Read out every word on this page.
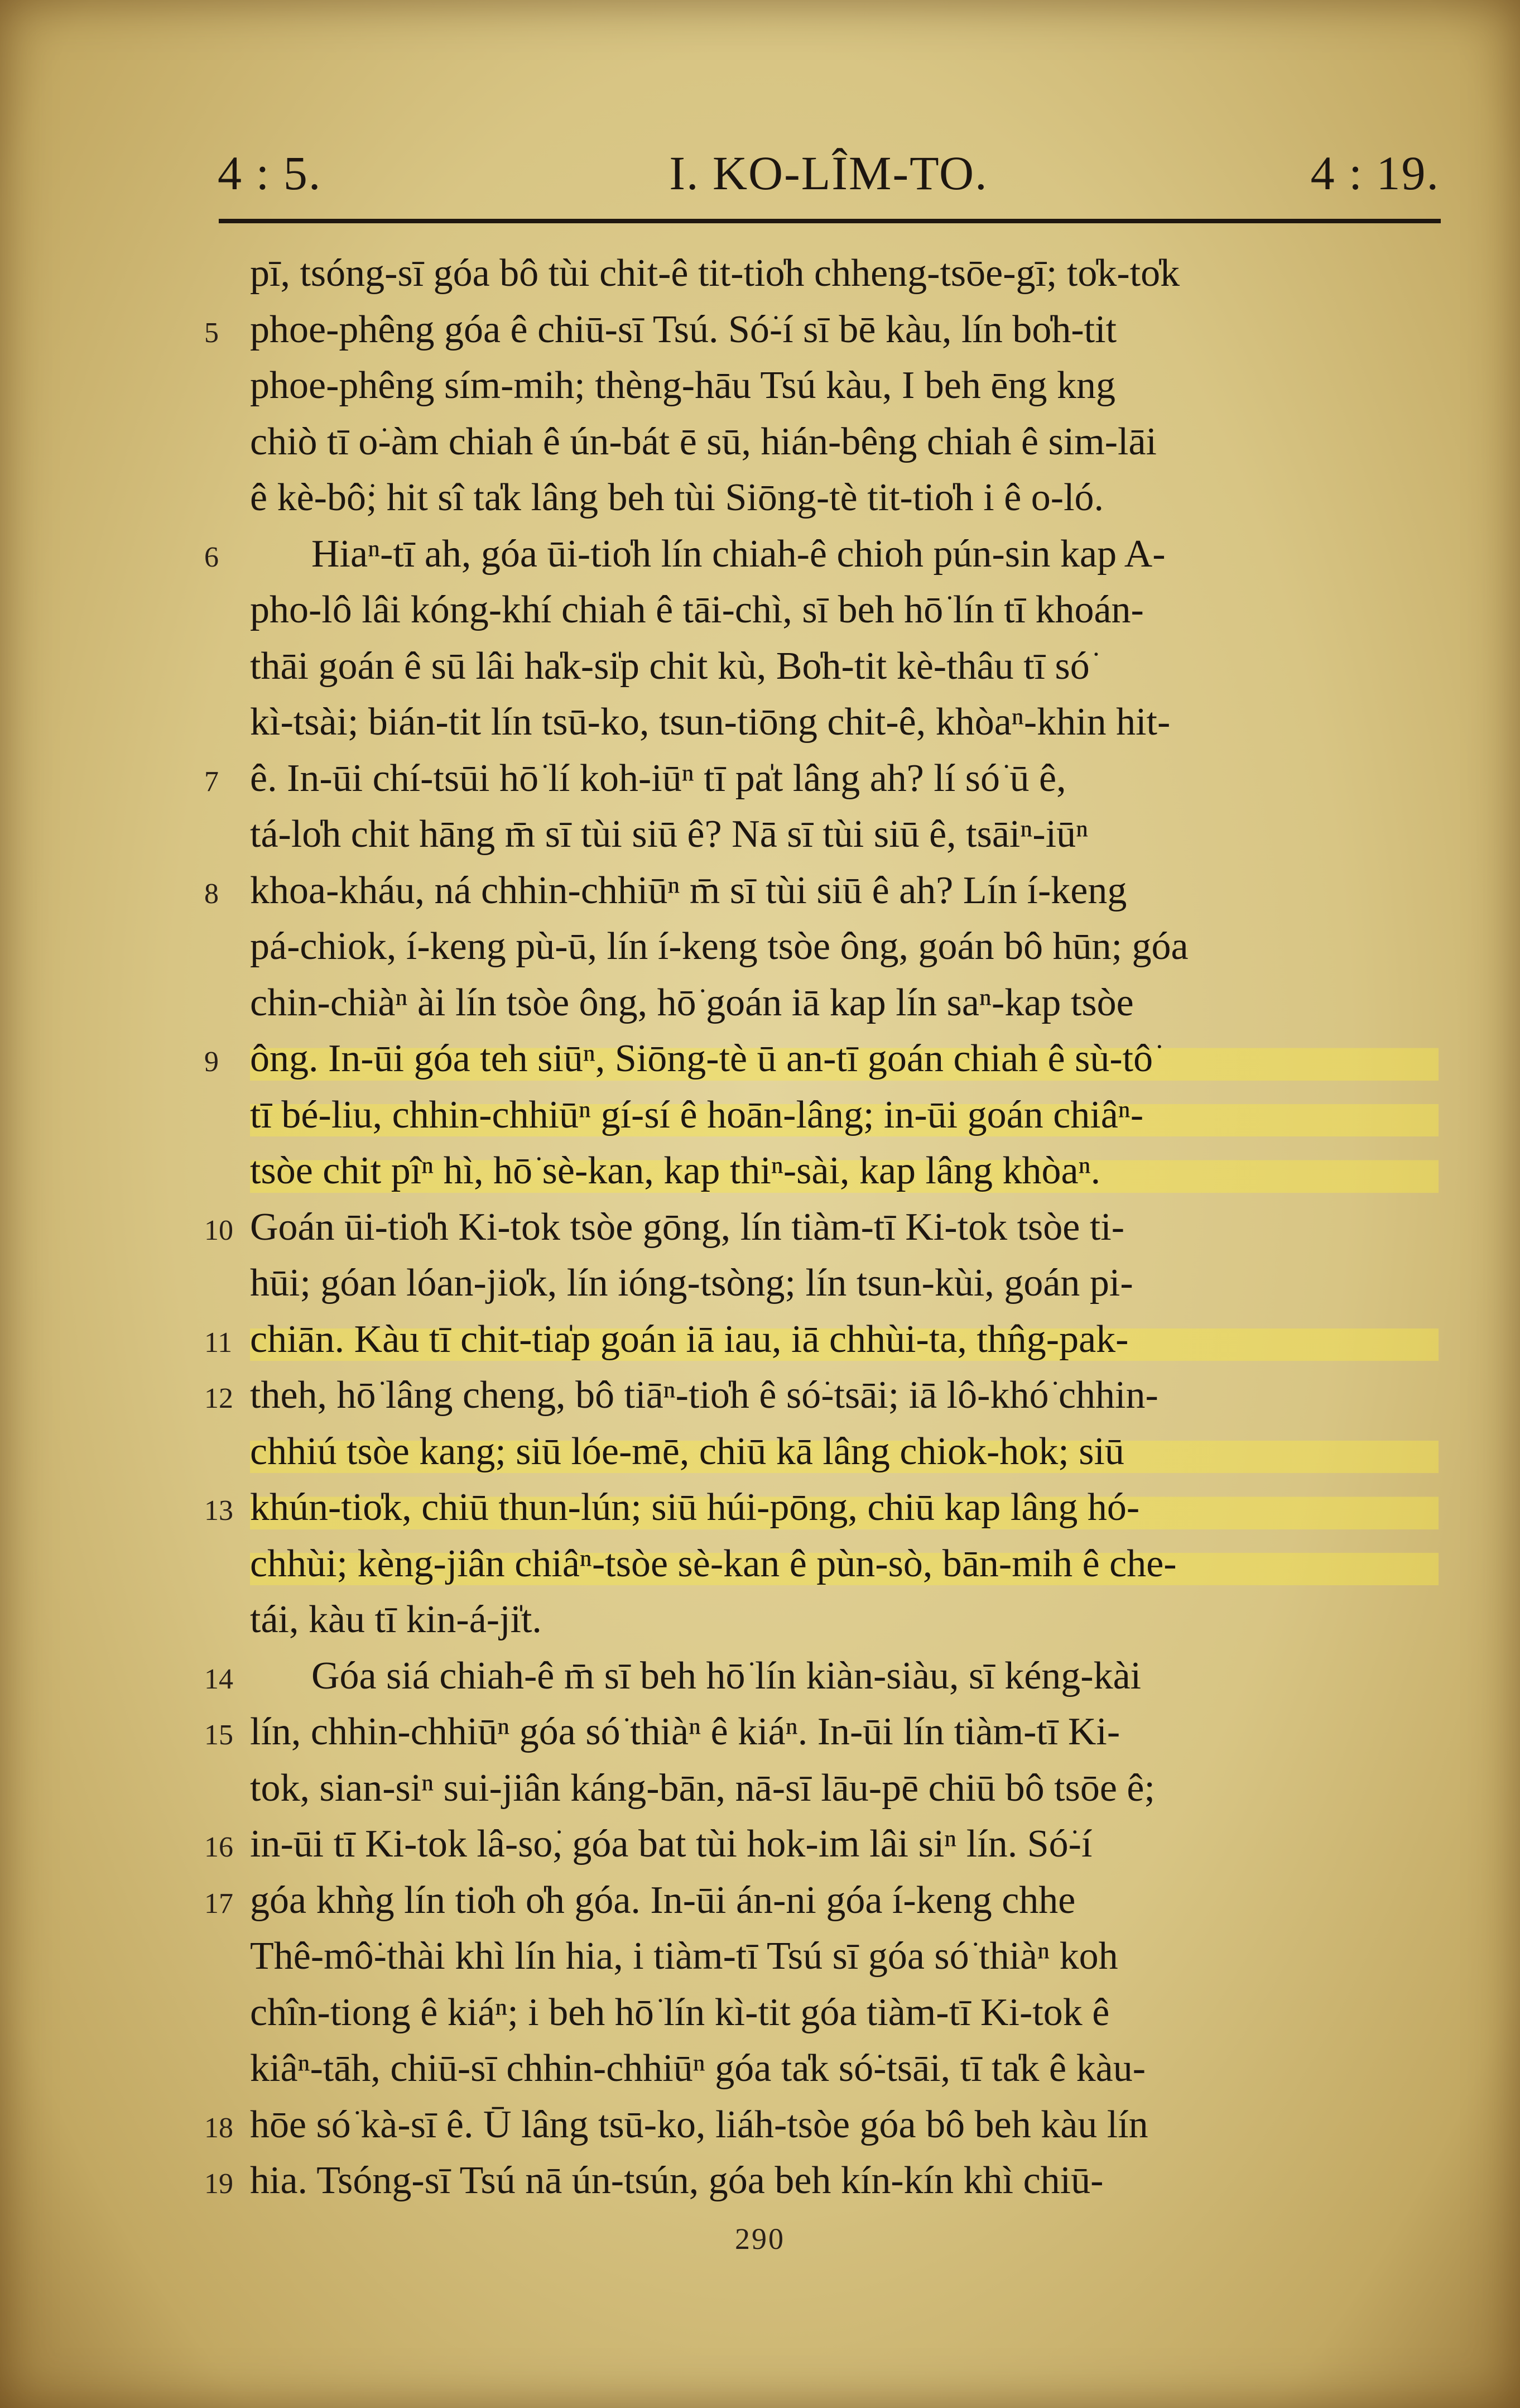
4 : 5.	I. KO-LÎM-TO.	4 : 19.
pī, tsóng-sī góa bô tùi chit-ê tit-tio̍h chheng-tsōe-gī; to̍k-to̍k
5 phoe-phêng góa ê chiū-sī Tsú. Só͘-í sī bē kàu, lín bo̍h-tit
phoe-phêng sím-mih; thèng-hāu Tsú kàu, I beh ēng kng
chiò tī o͘-àm chiah ê ún-bát ē sū, hián-bêng chiah ê sim-lāi
ê kè-bô͘; hit sî ta̍k lâng beh tùi Siōng-tè tit-tio̍h i ê o-ló.
6	Hiaⁿ-tī ah, góa ūi-tio̍h lín chiah-ê chioh pún-sin kap A-
pho-lô lâi kóng-khí chiah ê tāi-chì, sī beh hō͘ lín tī khoán-
thāi goán ê sū lâi ha̍k-si̍p chit kù, Bo̍h-tit kè-thâu tī só͘
kì-tsài; bián-tit lín tsū-ko, tsun-tiōng chit-ê, khòaⁿ-khin hit-
7 ê. In-ūi chí-tsūi hō͘ lí koh-iūⁿ tī pa̍t lâng ah? lí só͘ ū ê,
tá-lo̍h chit hāng m̄ sī tùi siū ê? Nā sī tùi siū ê, tsāiⁿ-iūⁿ
8 khoa-kháu, ná chhin-chhiūⁿ m̄ sī tùi siū ê ah? Lín í-keng
pá-chiok, í-keng pù-ū, lín í-keng tsòe ông, goán bô hūn; góa
chin-chiàⁿ ài lín tsòe ông, hō͘ goán iā kap lín saⁿ-kap tsòe
9 ông. In-ūi góa teh siūⁿ, Siōng-tè ū an-tī goán chiah ê sù-tô͘
tī bé-liu, chhin-chhiūⁿ gí-sí ê hoān-lâng; in-ūi goán chiâⁿ-
tsòe chit pîⁿ hì, hō͘ sè-kan, kap thiⁿ-sài, kap lâng khòaⁿ.
10 Goán ūi-tio̍h Ki-tok tsòe gōng, lín tiàm-tī Ki-tok tsòe ti-
hūi; góan lóan-jio̍k, lín ióng-tsòng; lín tsun-kùi, goán pi-
11 chiān. Kàu tī chit-tia̍p goán iā iau, iā chhùi-ta, thn̂g-pak-
12 theh, hō͘ lâng cheng, bô tiāⁿ-tio̍h ê só͘-tsāi; iā lô-khó͘ chhin-
chhiú tsòe kang; siū lóe-mē, chiū kā lâng chiok-hok; siū
13 khún-tio̍k, chiū thun-lún; siū húi-pōng, chiū kap lâng hó-
chhùi; kèng-jiân chiâⁿ-tsòe sè-kan ê pùn-sò, bān-mih ê che-
tái, kàu tī kin-á-ji̍t.
14	Góa siá chiah-ê m̄ sī beh hō͘ lín kiàn-siàu, sī kéng-kài
15 lín, chhin-chhiūⁿ góa só͘ thiàⁿ ê kiáⁿ. In-ūi lín tiàm-tī Ki-
tok, sian-siⁿ sui-jiân káng-bān, nā-sī lāu-pē chiū bô tsōe ê;
16 in-ūi tī Ki-tok lâ-so͘, góa bat tùi hok-im lâi siⁿ lín. Só͘-í
17 góa khǹg lín tio̍h o̍h góa. In-ūi án-ni góa í-keng chhe
Thê-mô͘-thài khì lín hia, i tiàm-tī Tsú sī góa só͘ thiàⁿ koh
chîn-tiong ê kiáⁿ; i beh hō͘ lín kì-tit góa tiàm-tī Ki-tok ê
kiâⁿ-tāh, chiū-sī chhin-chhiūⁿ góa ta̍k só͘-tsāi, tī ta̍k ê kàu-
18 hōe só͘ kà-sī ê. Ū lâng tsū-ko, liáh-tsòe góa bô beh kàu lín
19 hia. Tsóng-sī Tsú nā ún-tsún, góa beh kín-kín khì chiū-
290
